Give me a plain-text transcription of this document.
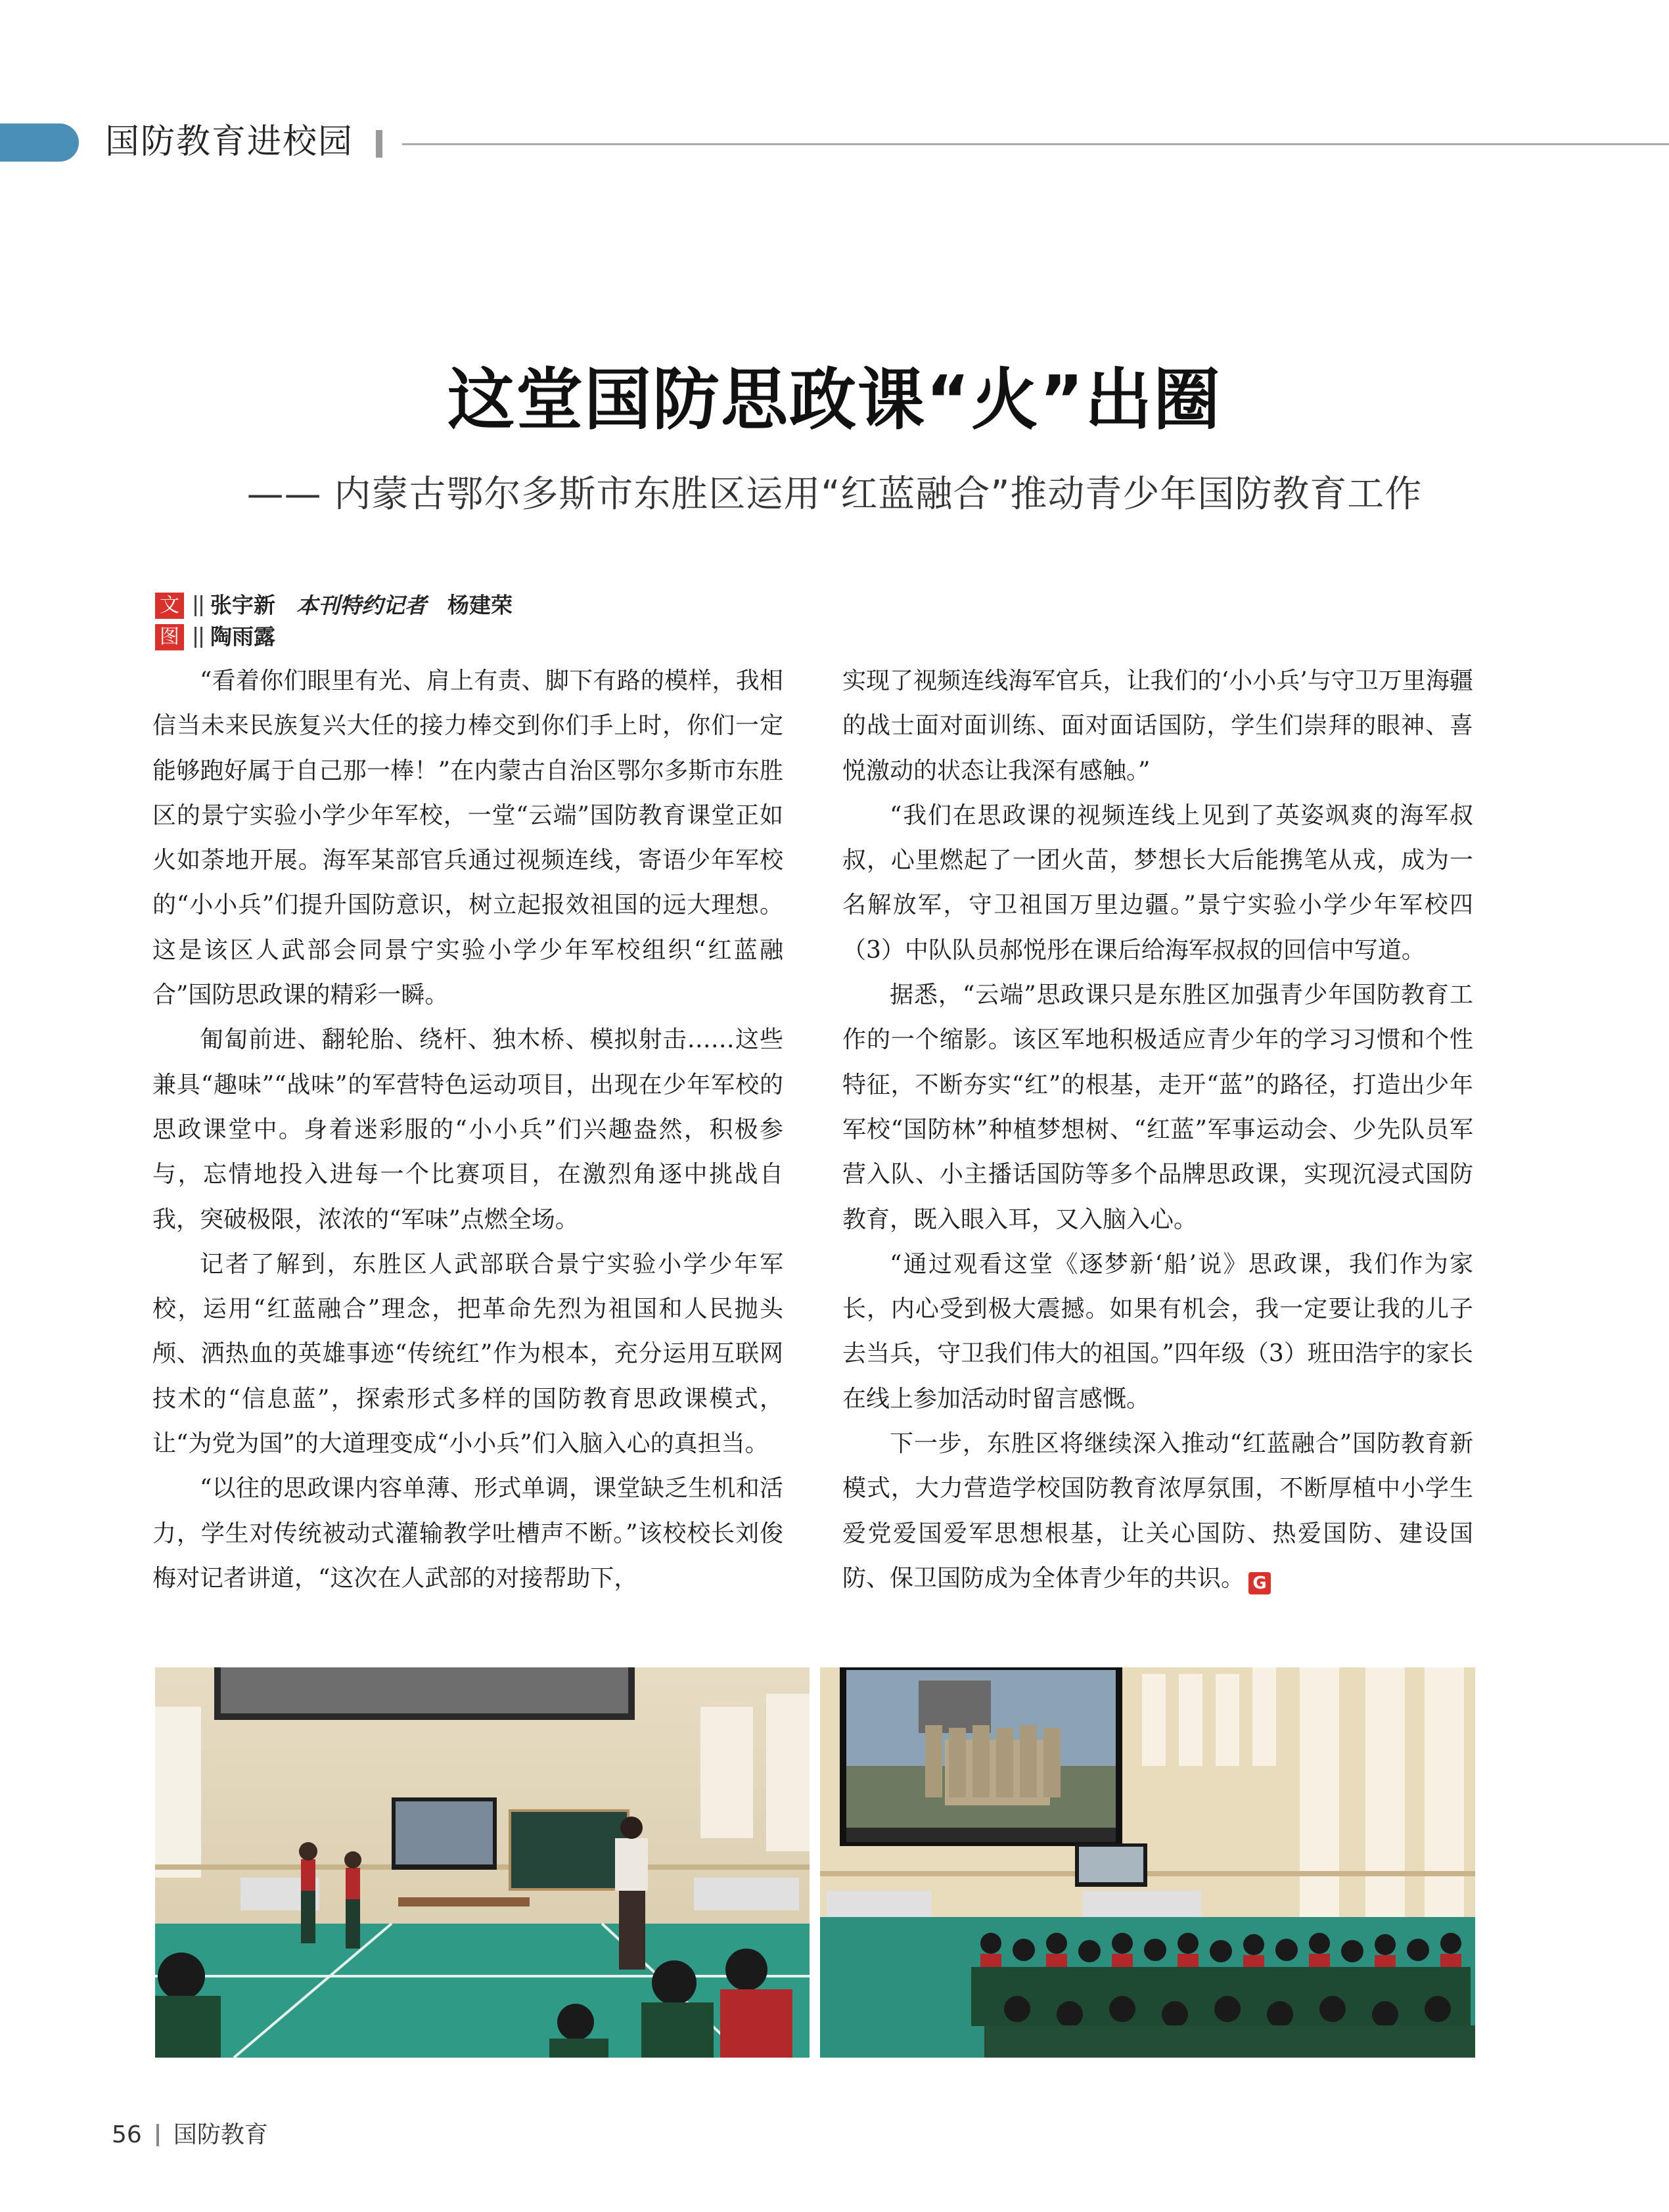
国防教育进校园
这堂国防思政课“火”出圈
—— 内蒙古鄂尔多斯市东胜区运用“红蓝融合”推动青少年国防教育工作
文 张宇新 本刊特约记者 杨建荣
图 陶雨露

“看着你们眼里有光、肩上有责、脚下有路的模样，我相信当未来民族复兴大任的接力棒交到你们手上时，你们一定能够跑好属于自己那一棒！”在内蒙古自治区鄂尔多斯市东胜区的景宁实验小学少年军校，一堂“云端”国防教育课堂正如火如荼地开展。海军某部官兵通过视频连线，寄语少年军校的“小小兵”们提升国防意识，树立起报效祖国的远大理想。这是该区人武部会同景宁实验小学少年军校组织“红蓝融合”国防思政课的精彩一瞬。

匍匐前进、翻轮胎、绕杆、独木桥、模拟射击……这些兼具“趣味”“战味”的军营特色运动项目，出现在少年军校的思政课堂中。身着迷彩服的“小小兵”们兴趣盎然，积极参与，忘情地投入进每一个比赛项目，在激烈角逐中挑战自我，突破极限，浓浓的“军味”点燃全场。

记者了解到，东胜区人武部联合景宁实验小学少年军校，运用“红蓝融合”理念，把革命先烈为祖国和人民抛头颅、洒热血的英雄事迹“传统红”作为根本，充分运用互联网技术的“信息蓝”，探索形式多样的国防教育思政课模式，让“为党为国”的大道理变成“小小兵”们入脑入心的真担当。

“以往的思政课内容单薄、形式单调，课堂缺乏生机和活力，学生对传统被动式灌输教学吐槽声不断。”该校校长刘俊梅对记者讲道，“这次在人武部的对接帮助下，

实现了视频连线海军官兵，让我们的‘小小兵’与守卫万里海疆的战士面对面训练、面对面话国防，学生们崇拜的眼神、喜悦激动的状态让我深有感触。”

“我们在思政课的视频连线上见到了英姿飒爽的海军叔叔，心里燃起了一团火苗，梦想长大后能携笔从戎，成为一名解放军，守卫祖国万里边疆。”景宁实验小学少年军校四（3）中队队员郝悦彤在课后给海军叔叔的回信中写道。

据悉，“云端”思政课只是东胜区加强青少年国防教育工作的一个缩影。该区军地积极适应青少年的学习习惯和个性特征，不断夯实“红”的根基，走开“蓝”的路径，打造出少年军校“国防林”种植梦想树、“红蓝”军事运动会、少先队员军营入队、小主播话国防等多个品牌思政课，实现沉浸式国防教育，既入眼入耳，又入脑入心。

“通过观看这堂《逐梦新‘船’说》思政课，我们作为家长，内心受到极大震撼。如果有机会，我一定要让我的儿子去当兵，守卫我们伟大的祖国。”四年级（3）班田浩宇的家长在线上参加活动时留言感慨。

下一步，东胜区将继续深入推动“红蓝融合”国防教育新模式，大力营造学校国防教育浓厚氛围，不断厚植中小学生爱党爱国爱军思想根基，让关心国防、热爱国防、建设国防、保卫国防成为全体青少年的共识。 G

56 国防教育
